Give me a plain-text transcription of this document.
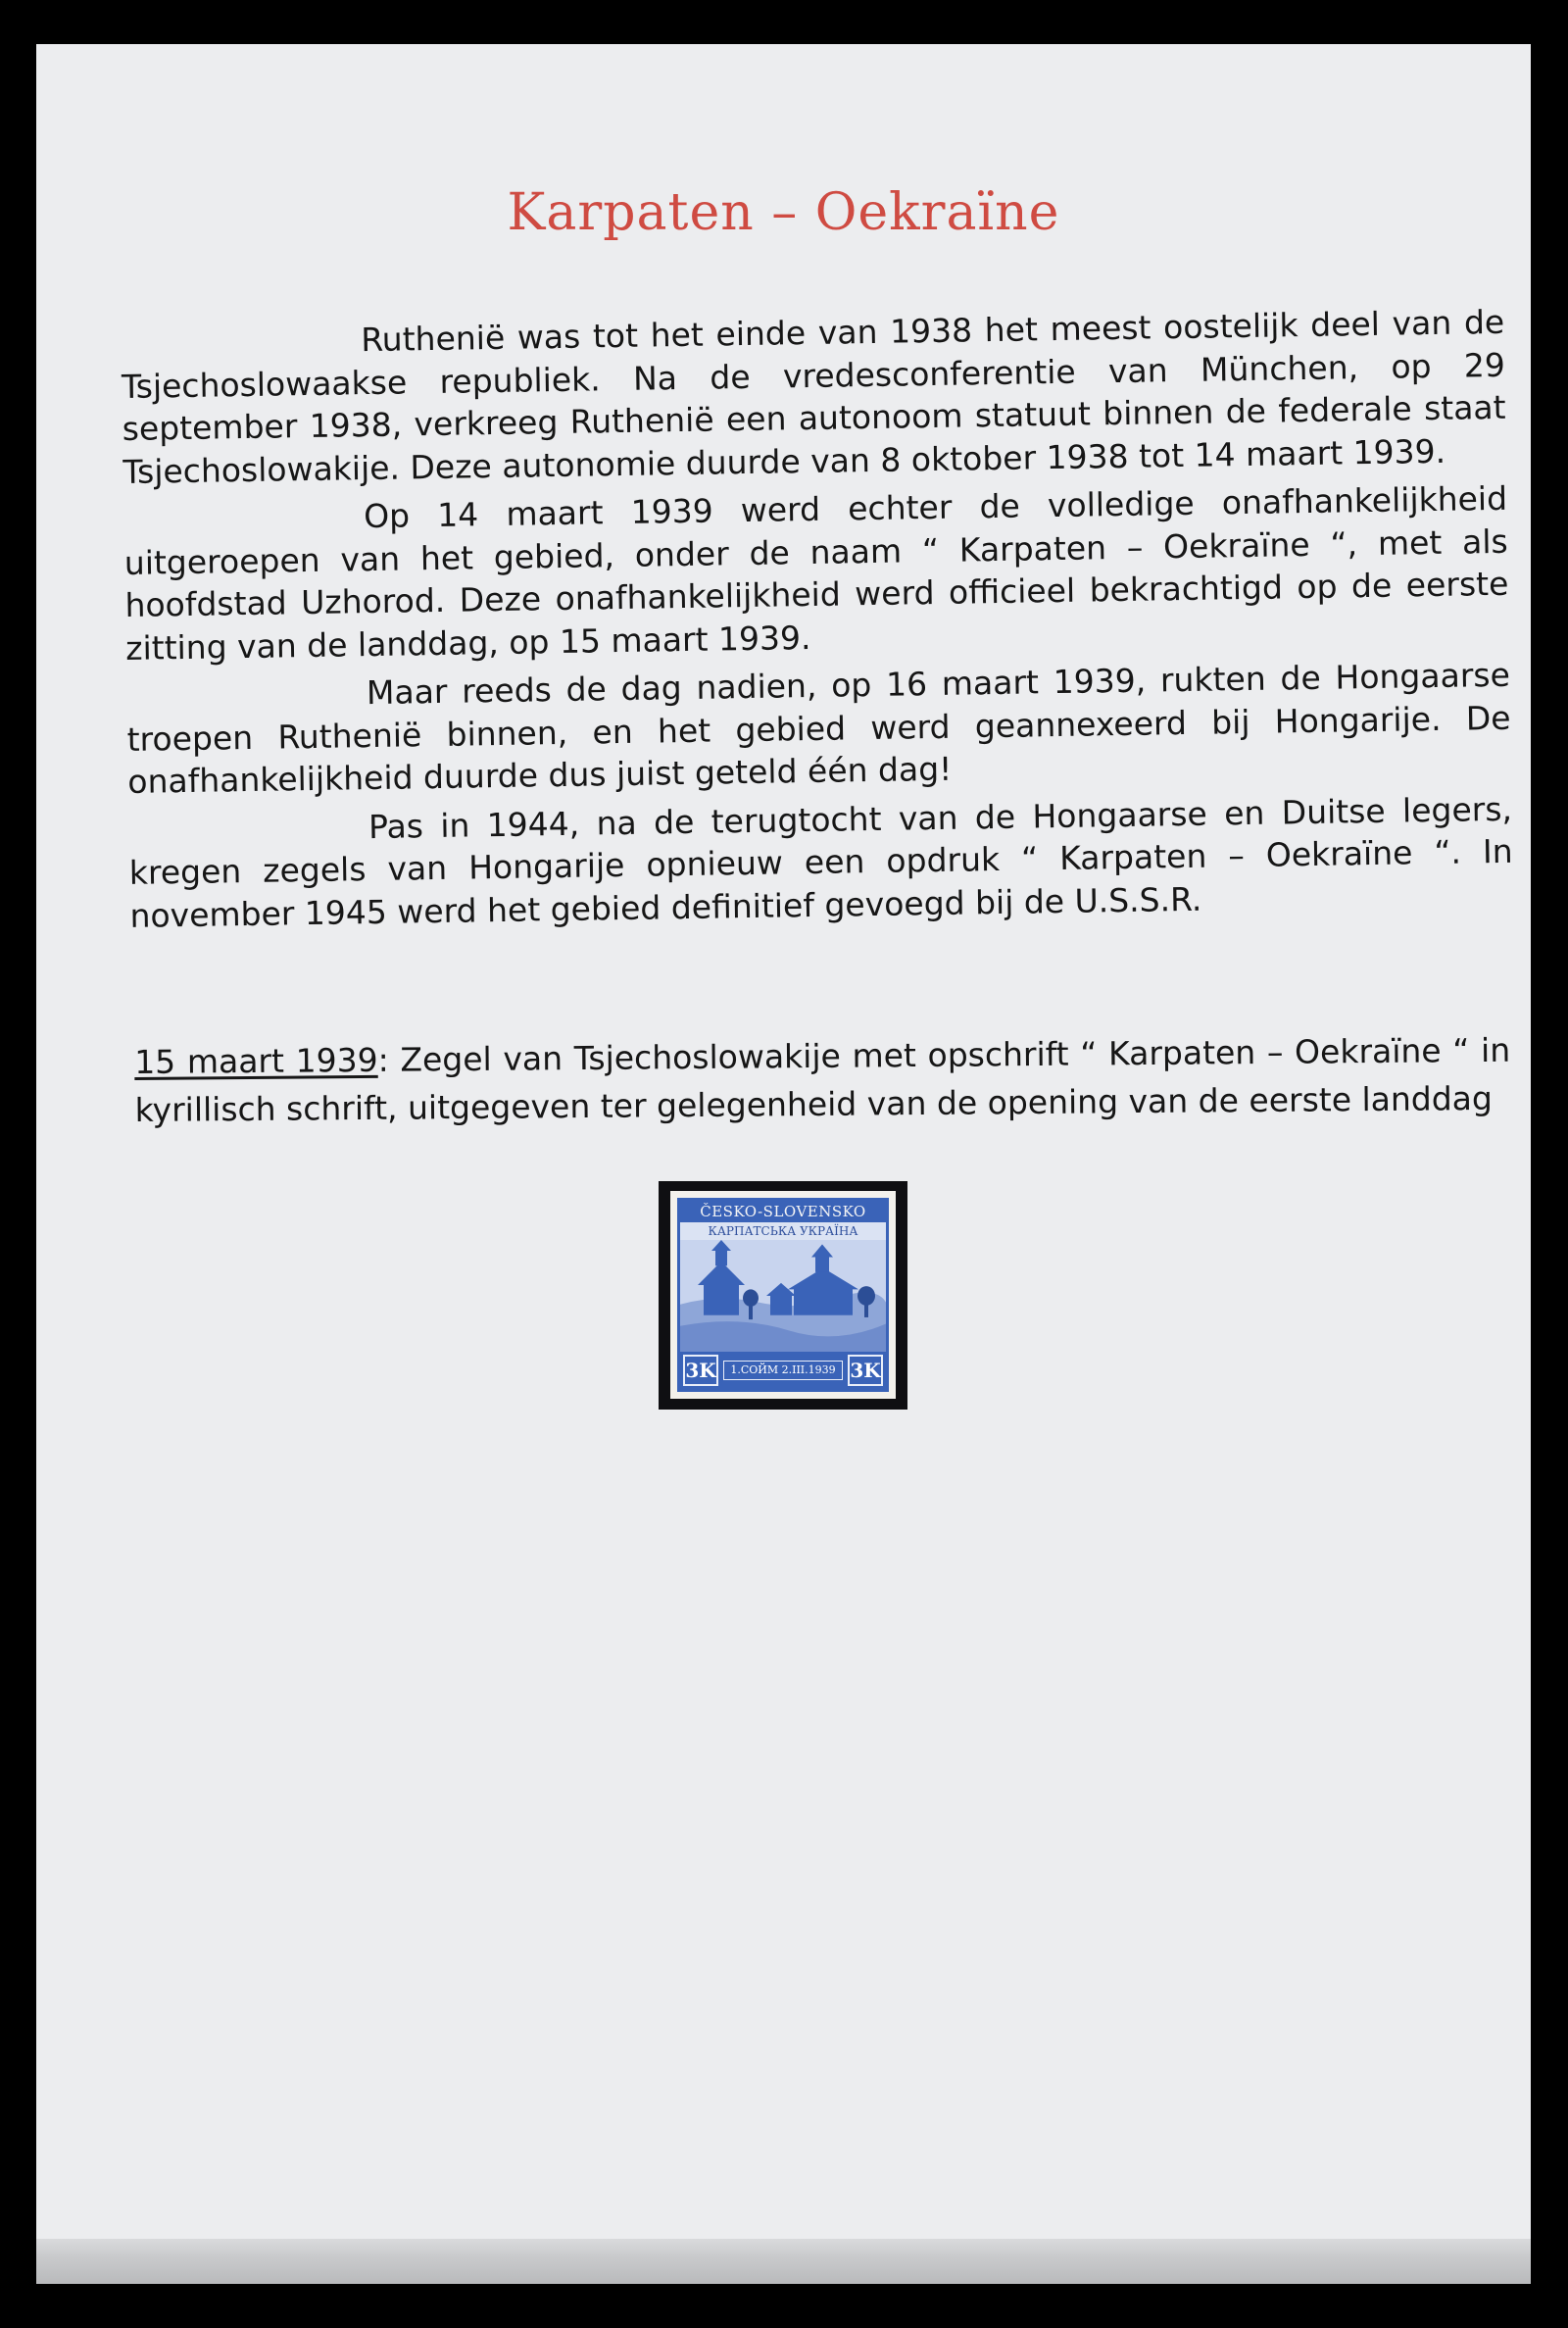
Karpaten – Oekraïne

Ruthenië was tot het einde van 1938 het meest oostelijk deel van de Tsjechoslowaakse republiek. Na de vredesconferentie van München, op 29 september 1938, verkreeg Ruthenië een autonoom statuut binnen de federale staat Tsjechoslowakije. Deze autonomie duurde van 8 oktober 1938 tot 14 maart 1939.

Op 14 maart 1939 werd echter de volledige onafhankelijkheid uitgeroepen van het gebied, onder de naam “ Karpaten – Oekraïne “, met als hoofdstad Uzhorod. Deze onafhankelijkheid werd officieel bekrachtigd op de eerste zitting van de landdag, op 15 maart 1939.

Maar reeds de dag nadien, op 16 maart 1939, rukten de Hongaarse troepen Ruthenië binnen, en het gebied werd geannexeerd bij Hongarije. De onafhankelijkheid duurde dus juist geteld één dag!

Pas in 1944, na de terugtocht van de Hongaarse en Duitse legers, kregen zegels van Hongarije opnieuw een opdruk “ Karpaten – Oekraïne “. In november 1945 werd het gebied definitief gevoegd bij de U.S.S.R.

15 maart 1939: Zegel van Tsjechoslowakije met opschrift “ Karpaten – Oekraïne “ in kyrillisch schrift, uitgegeven ter gelegenheid van de opening van de eerste landdag

ČESKO-SLOVENSKO
КАРПАТСЬКА УКРАЇНА
3K	1.СОЙМ 2.III.1939 3K
